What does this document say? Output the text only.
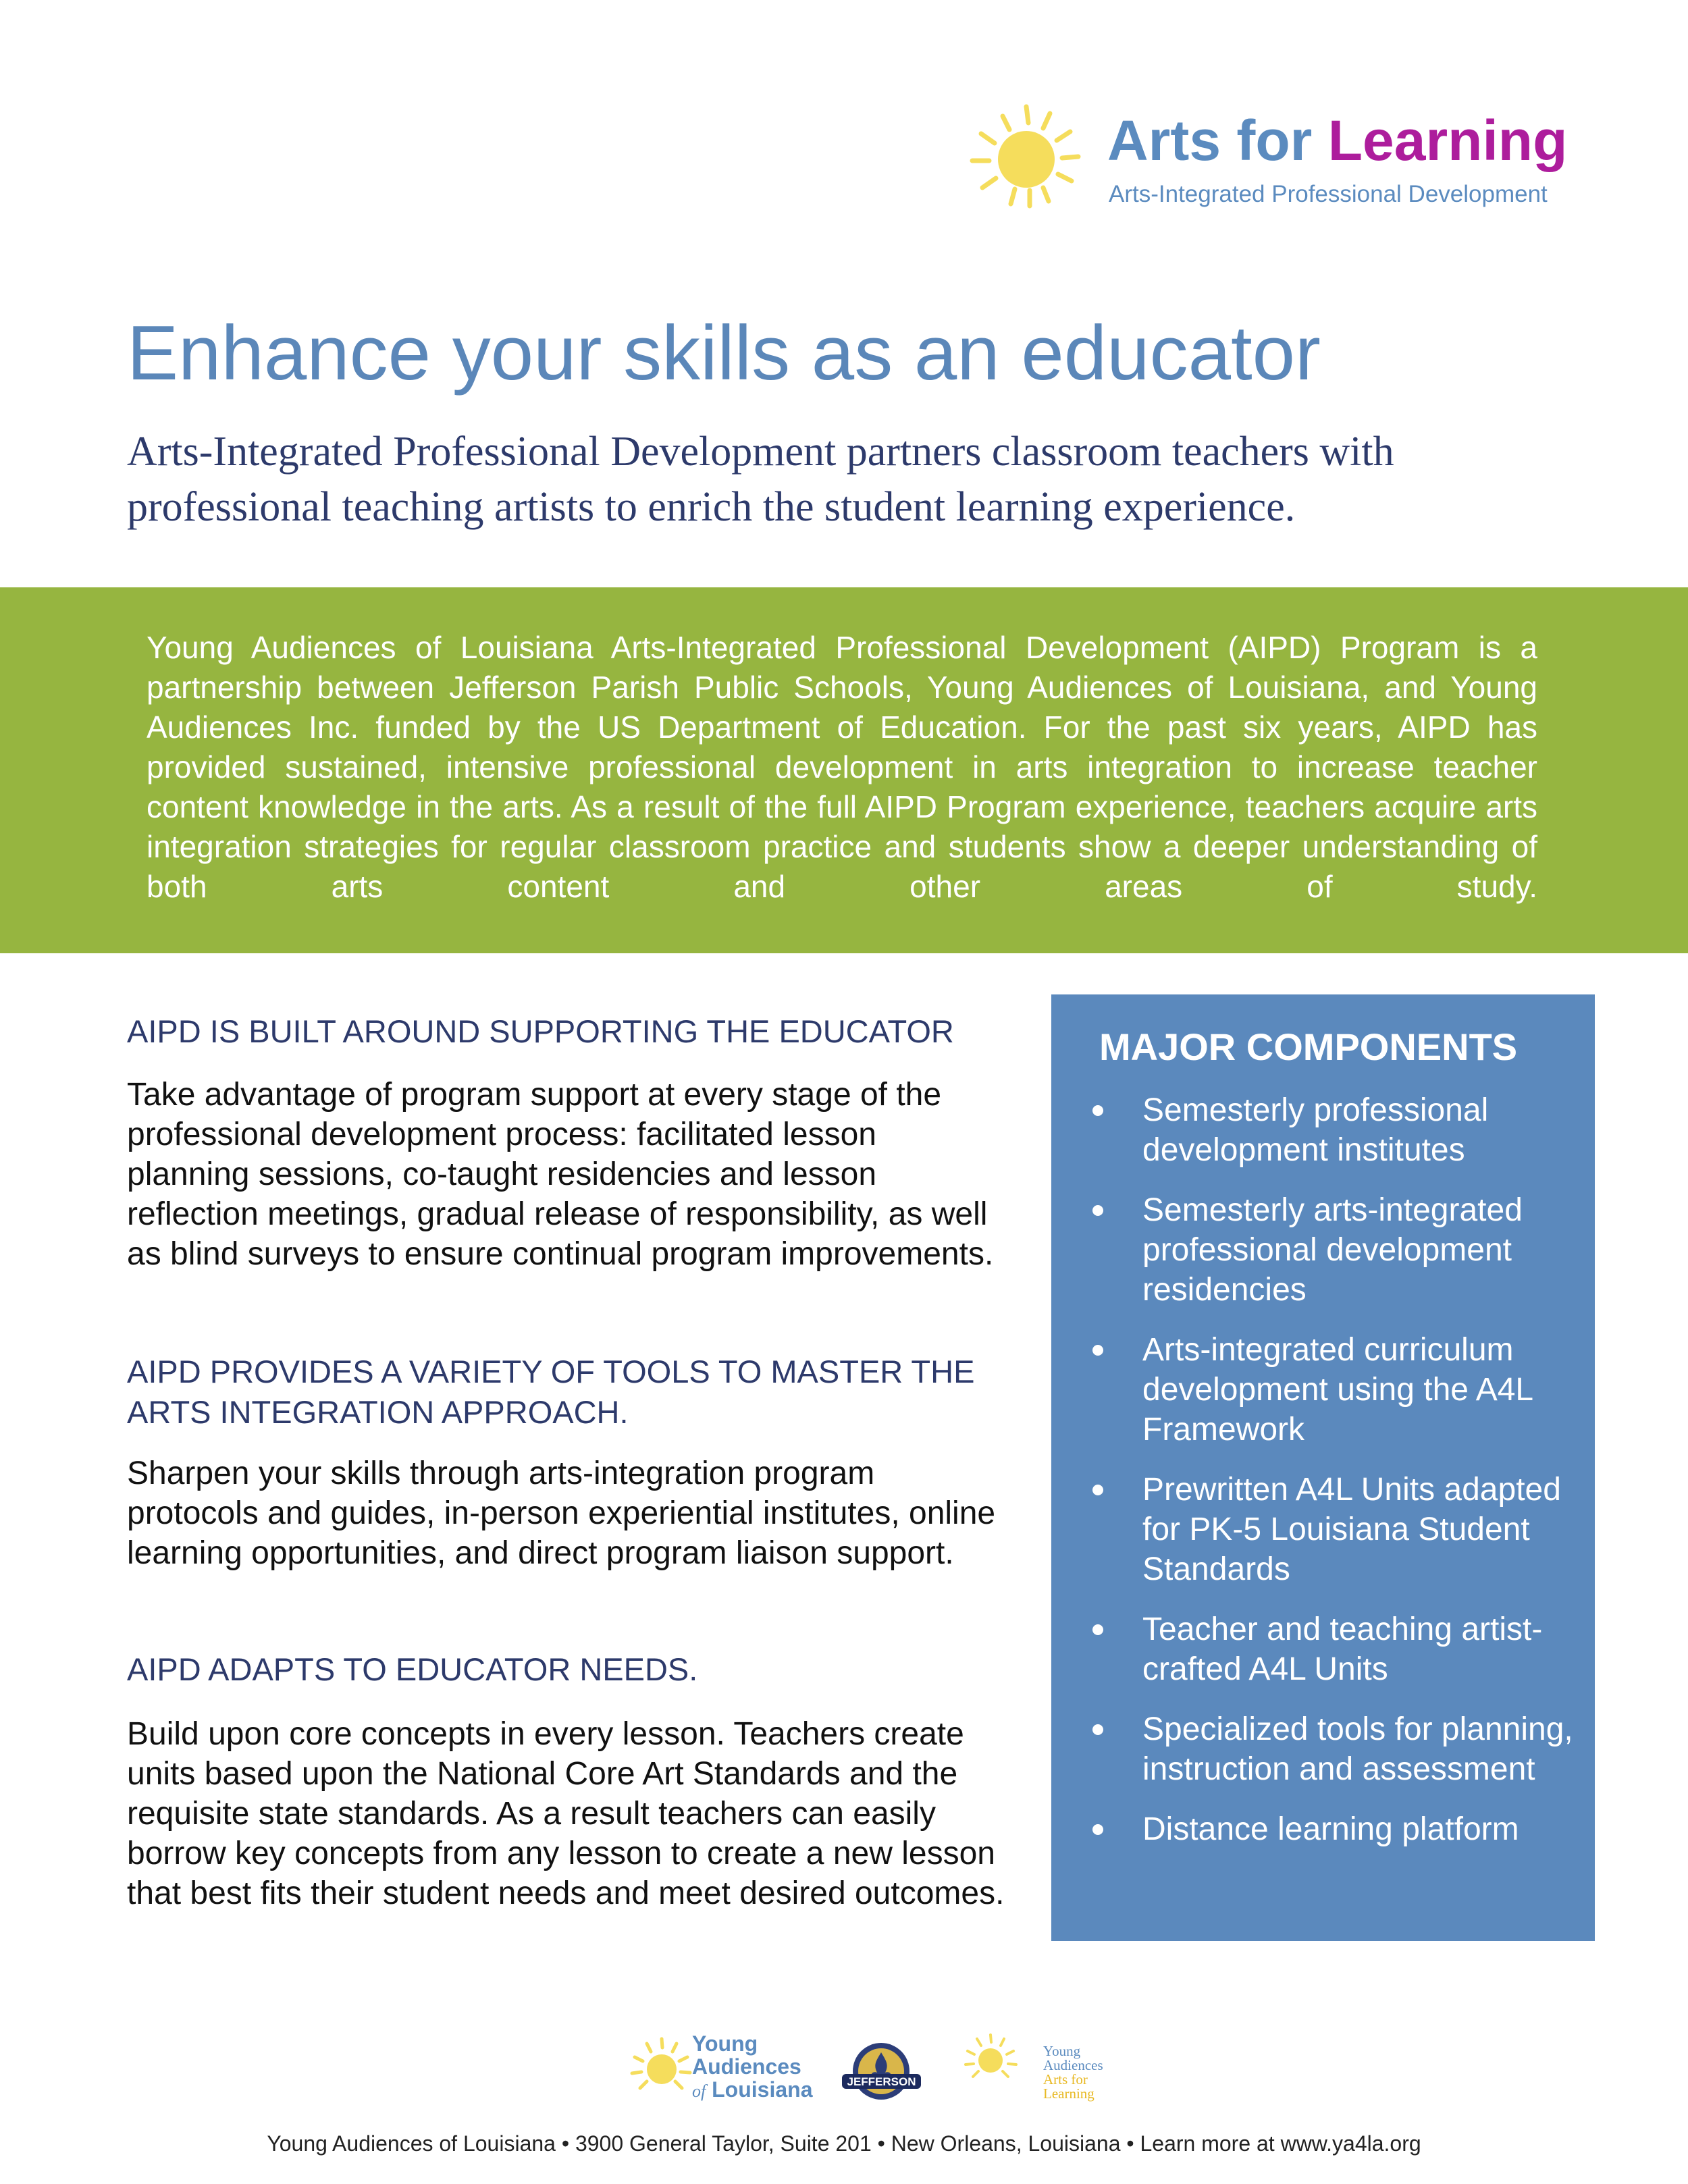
Arts for Learning
Arts-Integrated Professional Development
Enhance your skills as an educator
Arts-Integrated Professional Development partners classroom teachers with professional teaching artists to enrich the student learning experience.
Young Audiences of Louisiana Arts-Integrated Professional Development (AIPD) Program is a partnership between Jefferson Parish Public Schools, Young Audiences of Louisiana, and Young Audiences Inc. funded by the US Department of Education. For the past six years, AIPD has provided sustained, intensive professional development in arts integration to increase teacher content knowledge in the arts. As a result of the full AIPD Program experience, teachers acquire arts integration strategies for regular classroom practice and students show a deeper understanding of both arts content and other areas of study.
AIPD IS BUILT AROUND SUPPORTING THE EDUCATOR
Take advantage of program support at every stage of the professional development process: facilitated lesson planning sessions, co-taught residencies and lesson reflection meetings, gradual release of responsibility, as well as blind surveys to ensure continual program improvements.
AIPD PROVIDES A VARIETY OF TOOLS TO MASTER THE ARTS INTEGRATION APPROACH.
Sharpen your skills through arts-integration program protocols and guides, in-person experiential institutes, online learning opportunities, and direct program liaison support.
AIPD ADAPTS TO EDUCATOR NEEDS.
Build upon core concepts in every lesson. Teachers create units based upon the National Core Art Standards and the requisite state standards. As a result teachers can easily borrow key concepts from any lesson to create a new lesson that best fits their student needs and meet desired outcomes.
MAJOR COMPONENTS
Semesterly professional development institutes
Semesterly arts-integrated professional development residencies
Arts-integrated curriculum development using the A4L Framework
Prewritten A4L Units adapted for PK-5 Louisiana Student Standards
Teacher and teaching artist-crafted A4L Units
Specialized tools for planning, instruction and assessment
Distance learning platform
Young
Audiences
of Louisiana	JEFFERSON
Young
Audiences
Arts for
Learning
Young Audiences of Louisiana • 3900 General Taylor, Suite 201 • New Orleans, Louisiana • Learn more at www.ya4la.org
